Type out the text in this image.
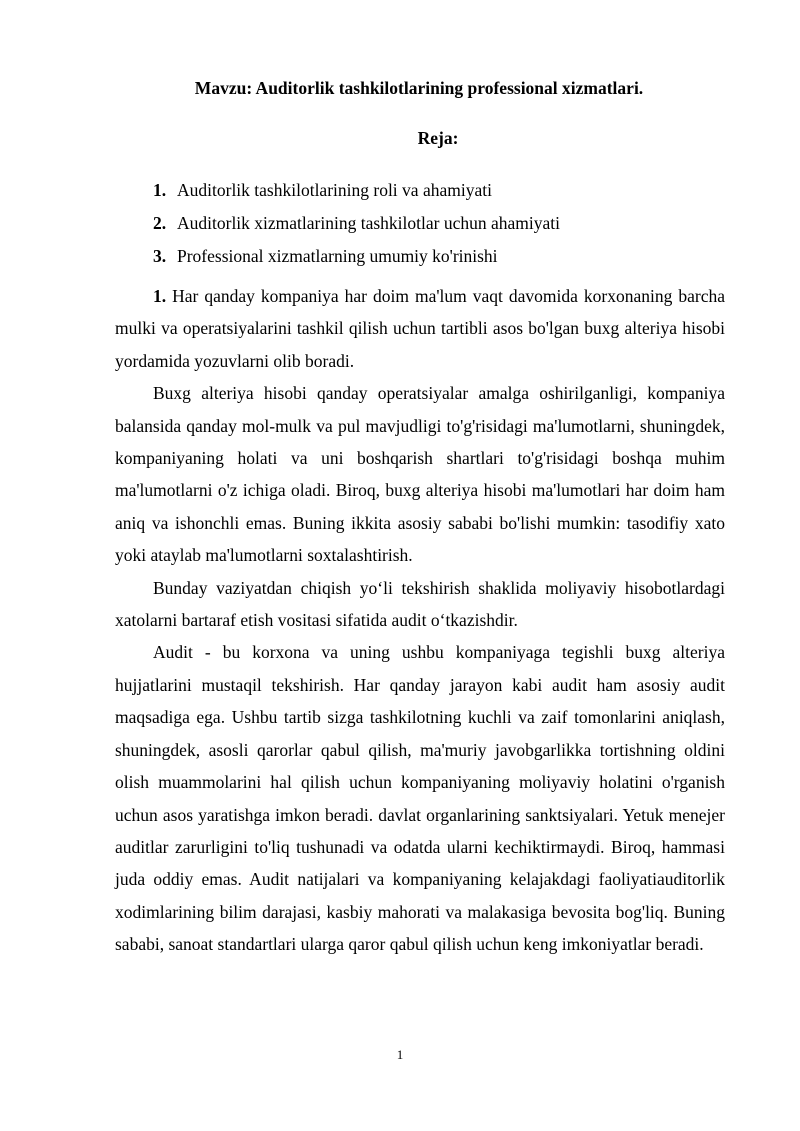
Mavzu: Auditorlik tashkilotlarining professional xizmatlari.
Reja:
1. Auditorlik tashkilotlarining roli va ahamiyati
2. Auditorlik xizmatlarining tashkilotlar uchun ahamiyati
3. Professional xizmatlarning umumiy ko'rinishi

1. Har qanday kompaniya har doim ma'lum vaqt davomida korxonaning barcha mulki va operatsiyalarini tashkil qilish uchun tartibli asos bo'lgan buxg alteriya hisobi yordamida yozuvlarni olib boradi.

Buxg alteriya hisobi qanday operatsiyalar amalga oshirilganligi, kompaniya balansida qanday mol-mulk va pul mavjudligi to'g'risidagi ma'lumotlarni, shuningdek, kompaniyaning holati va uni boshqarish shartlari to'g'risidagi boshqa muhim ma'lumotlarni o'z ichiga oladi. Biroq, buxg alteriya hisobi ma'lumotlari har doim ham aniq va ishonchli emas. Buning ikkita asosiy sababi bo'lishi mumkin: tasodifiy xato yoki ataylab ma'lumotlarni soxtalashtirish.

Bunday vaziyatdan chiqish yo‘li tekshirish shaklida moliyaviy hisobotlardagi xatolarni bartaraf etish vositasi sifatida audit o‘tkazishdir.

Audit - bu korxona va uning ushbu kompaniyaga tegishli buxg alteriya hujjatlarini mustaqil tekshirish. Har qanday jarayon kabi audit ham asosiy audit maqsadiga ega. Ushbu tartib sizga tashkilotning kuchli va zaif tomonlarini aniqlash, shuningdek, asosli qarorlar qabul qilish, ma'muriy javobgarlikka tortishning oldini olish muammolarini hal qilish uchun kompaniyaning moliyaviy holatini o'rganish uchun asos yaratishga imkon beradi. davlat organlarining sanktsiyalari. Yetuk menejer auditlar zarurligini to'liq tushunadi va odatda ularni kechiktirmaydi. Biroq, hammasi juda oddiy emas. Audit natijalari va kompaniyaning kelajakdagi faoliyatiauditorlik xodimlarining bilim darajasi, kasbiy mahorati va malakasiga bevosita bog'liq. Buning sababi, sanoat standartlari ularga qaror qabul qilish uchun keng imkoniyatlar beradi.

1
